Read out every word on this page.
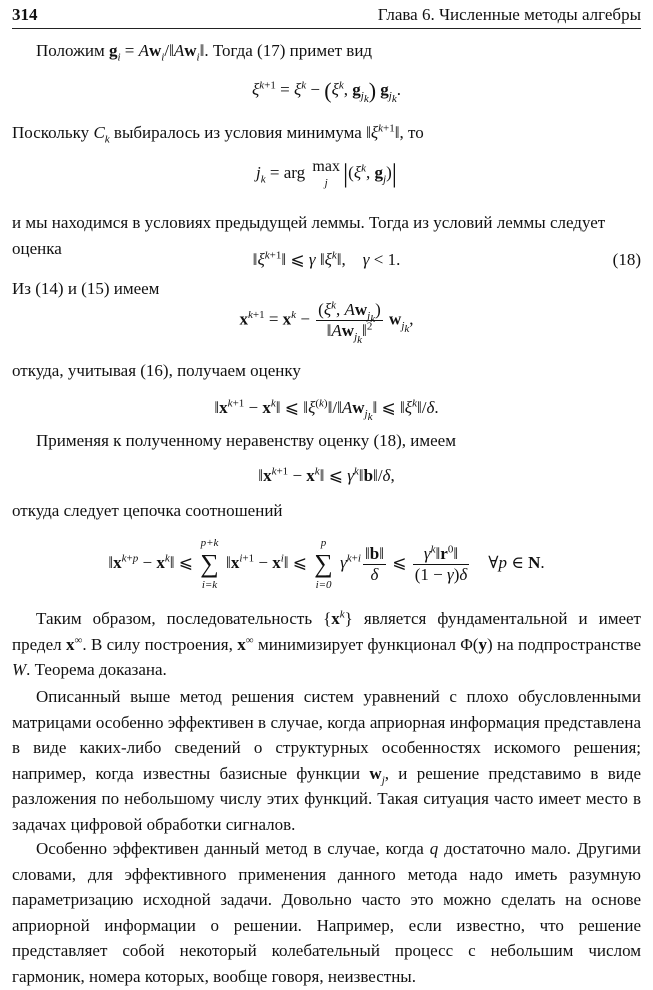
314	Глава 6. Численные методы алгебры

Положим $g_i$ = $Aw_i/‖Aw_i‖$. Тогда (17) примет вид

$\xi^{k+1} = \xi^k - (\xi^k$, $g_{j_k}$) $g_{j_k}$.

Поскольку $C_k$ выбиралось из условия минимума $‖\xi^{k+1}‖$, то

$j_k$ = arg max
j $|(\xi^k$, $g_j)|$

и мы находимся в условиях предыдущей леммы. Тогда из условий леммы следует оценка

$‖\xi^{k+1}‖$ ⩽ γ $‖\xi^k‖$,    γ < 1.	(18)

Из (14) и (15) имеем

$x^{k+1} = x^k - \frac{(\xi^k, Aw_{j_k})}{‖Aw_{j_k}‖^2} w_{j_k}$,

откуда, учитывая (16), получаем оценку

$‖x^{k+1}$ − $x^k‖$ ⩽ $‖\xi^{(k)}‖/‖Aw_{j_k}‖$ ⩽ $‖\xi^k‖/\delta$.

Применяя к полученному неравенству оценку (18), имеем

$‖x^{k+1}$ − $x^k‖$ ⩽ $\gamma^k‖b‖/\delta$,

откуда следует цепочка соотношений

$‖x^{k+p}$ − $x^k‖$ ⩽
p+k
∑
i=k
$‖x^{i+1}$ − $x^i‖$ ⩽
p
∑
i=0
$\gamma^{k+i} \frac{‖b‖}{\delta}$ ⩽ $\frac{\gamma^k‖r^0‖}{(1 - \gamma)\delta}$ ∀p ∈ N.

Таким образом, последовательность $\{x^k\}$ является фундаментальной и имеет предел x∞. В силу построения, x∞ минимизирует функционал Φ(y) на подпространстве W. Теорема доказана.

Описанный выше метод решения систем уравнений с плохо обусловленными матрицами особенно эффективен в случае, когда априорная информация представлена в виде каких-либо сведений о структурных особенностях искомого решения; например, когда известны базисные функции $w_j$, и решение представимо в виде разложения по небольшому числу этих функций. Такая ситуация часто имеет место в задачах цифровой обработки сигналов.

Особенно эффективен данный метод в случае, когда q достаточно мало. Другими словами, для эффективного применения данного метода надо иметь разумную параметризацию исходной задачи. Довольно часто это можно сделать на основе априорной информации о решении. Например, если известно, что решение представляет собой некоторый колебательный процесс с небольшим числом гармоник, номера которых, вообще говоря, неизвестны.
